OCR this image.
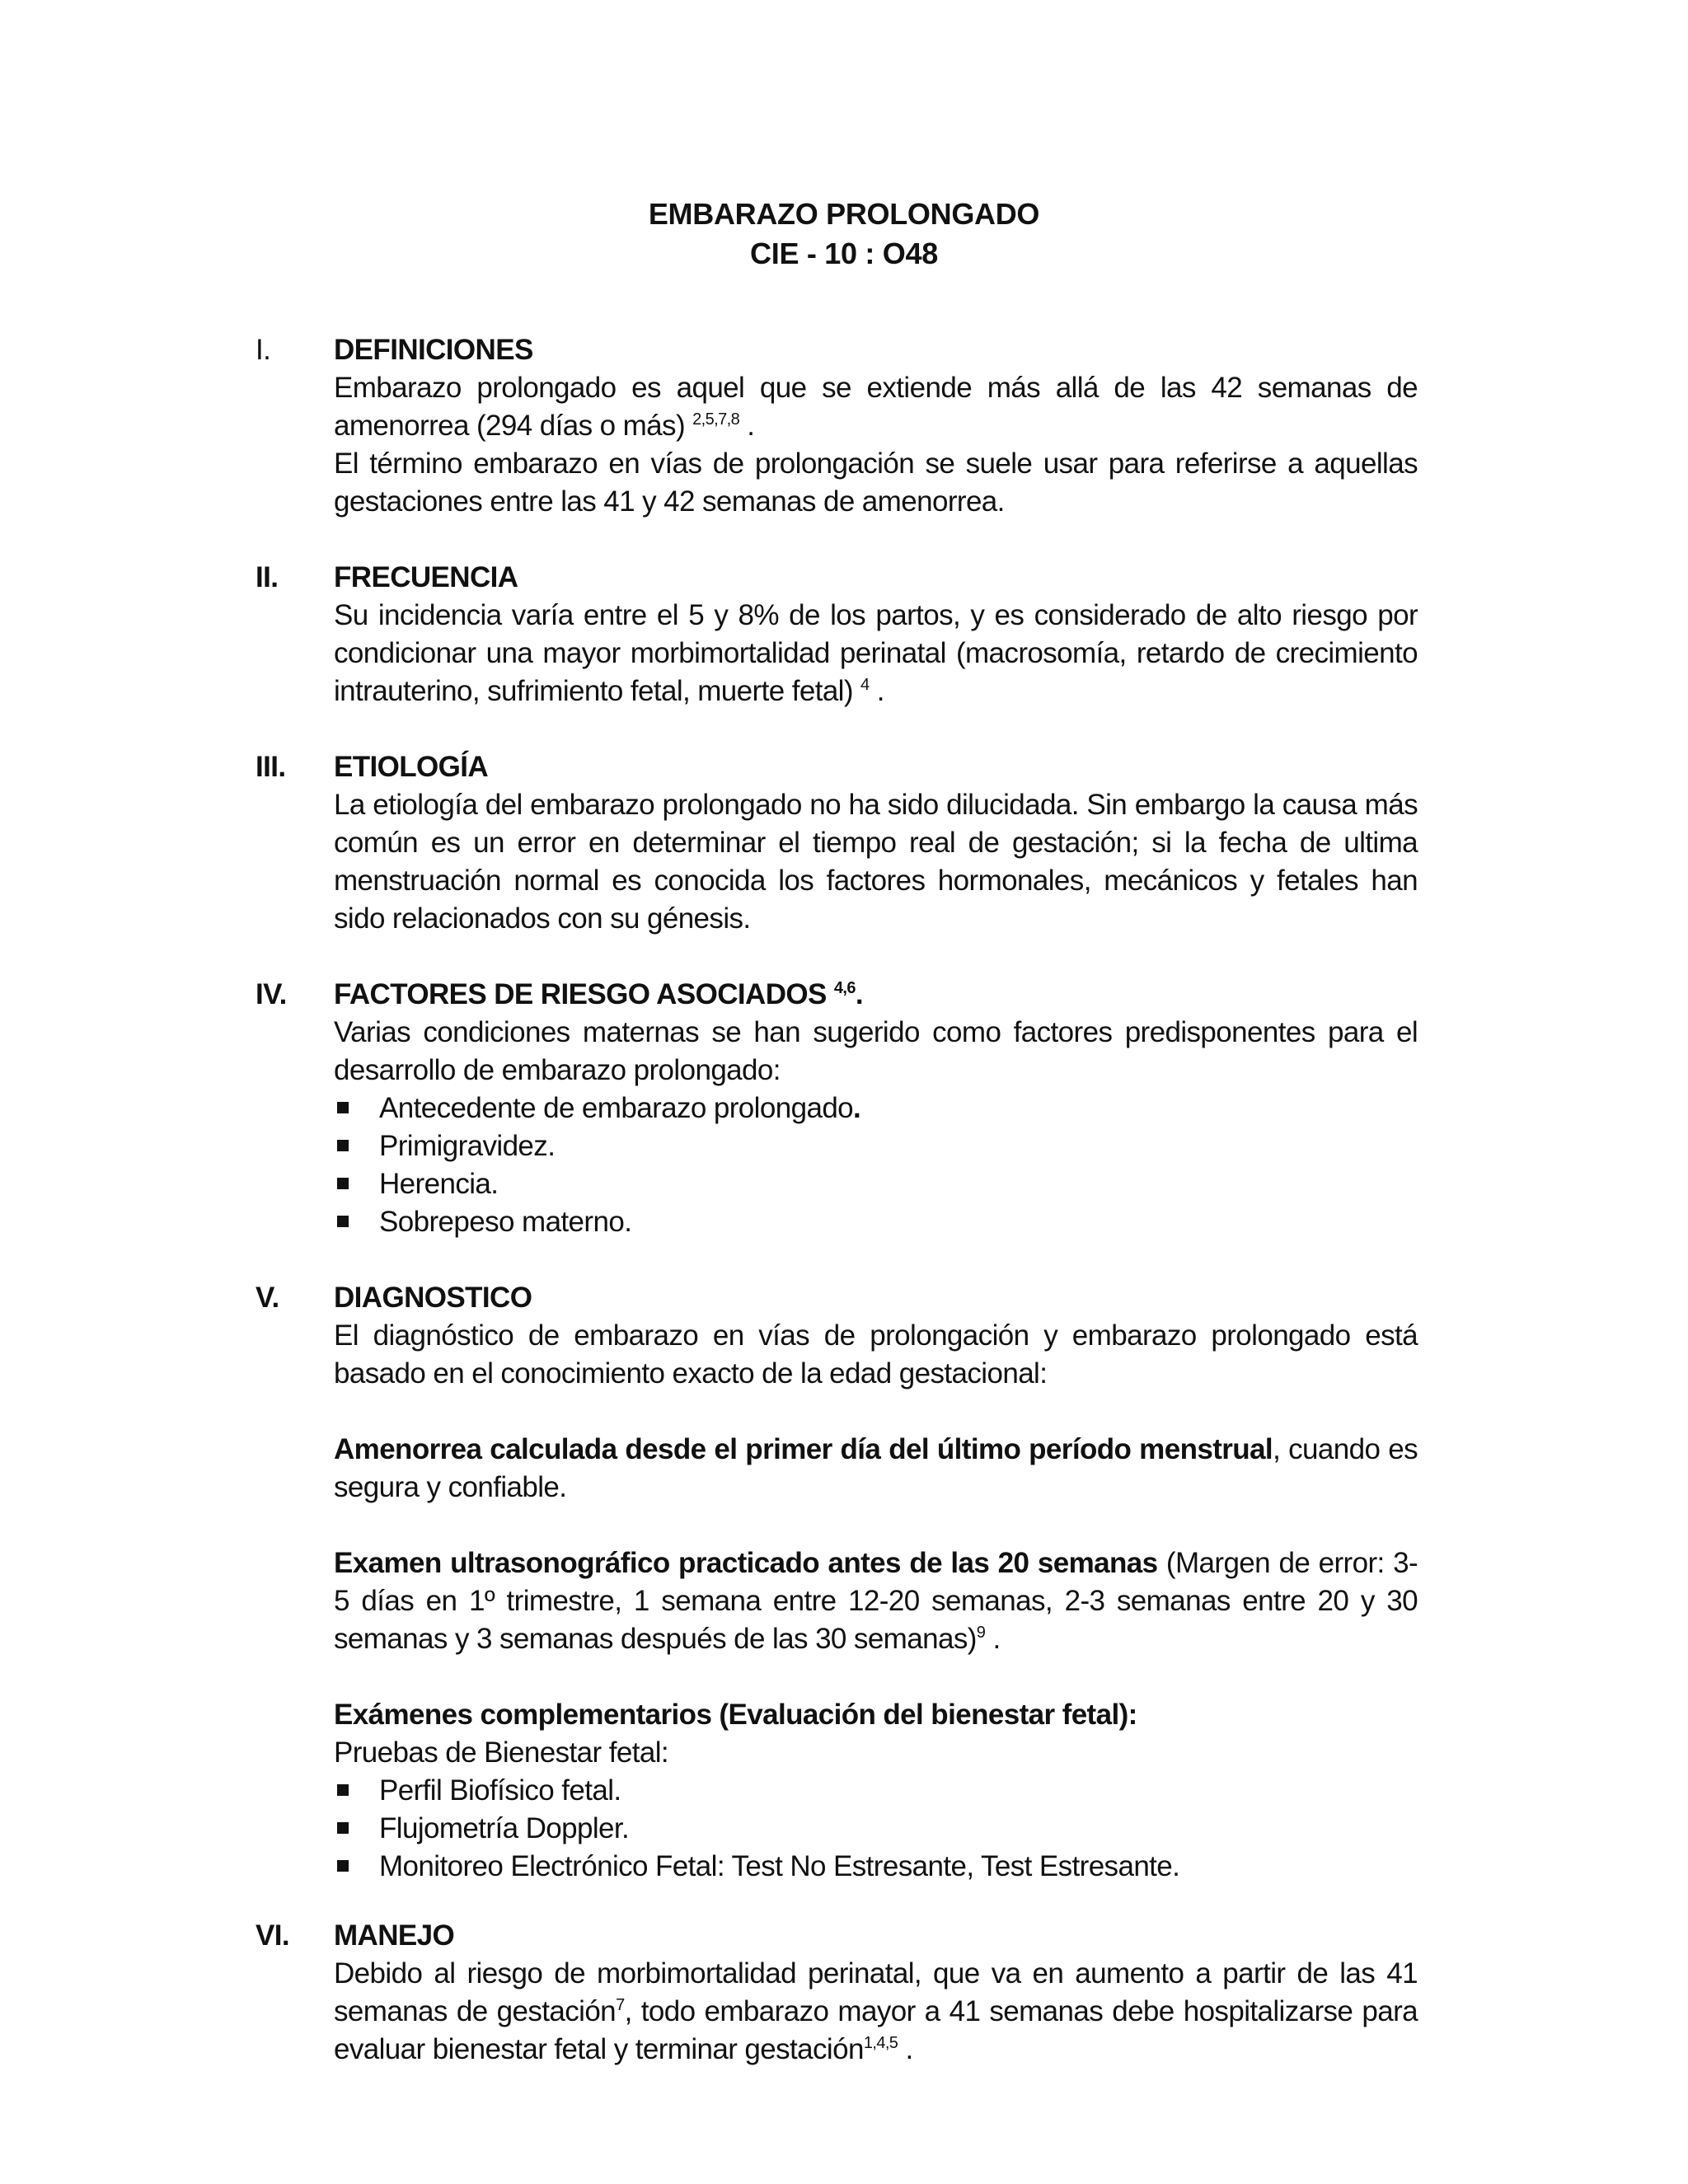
EMBARAZO PROLONGADO
CIE - 10 : O48
I.	DEFINICIONES

Embarazo prolongado es aquel que se extiende más allá de las 42 semanas de amenorrea (294 días o más) $^{2,5,7,8}$ .

El término embarazo en vías de prolongación se suele usar para referirse a aquellas gestaciones entre las 41 y 42 semanas de amenorrea.

II.	FRECUENCIA

Su incidencia varía entre el 5 y 8% de los partos, y es considerado de alto riesgo por condicionar una mayor morbimortalidad perinatal (macrosomía, retardo de crecimiento intrauterino, sufrimiento fetal, muerte fetal) $^4$ .

III.	ETIOLOGÍA

La etiología del embarazo prolongado no ha sido dilucidada. Sin embargo la causa más común es un error en determinar el tiempo real de gestación; si la fecha de ultima menstruación normal es conocida los factores hormonales, mecánicos y fetales han sido relacionados con su génesis.

IV.	FACTORES DE RIESGO ASOCIADOS $^{4,6}$.

Varias condiciones maternas se han sugerido como factores predisponentes para el desarrollo de embarazo prolongado:

Antecedente de embarazo prolongado.
Primigravidez.
Herencia.
Sobrepeso materno.
V.	DIAGNOSTICO

El diagnóstico de embarazo en vías de prolongación y embarazo prolongado está basado en el conocimiento exacto de la edad gestacional:

Amenorrea calculada desde el primer día del último período menstrual, cuando es segura y confiable.

Examen ultrasonográfico practicado antes de las 20 semanas (Margen de error: 3-5 días en 1º trimestre, 1 semana entre 12-20 semanas, 2-3 semanas entre 20 y 30 semanas y 3 semanas después de las 30 semanas)$^9$ .

Exámenes complementarios (Evaluación del bienestar fetal):
Pruebas de Bienestar fetal:
Perfil Biofísico fetal.
Flujometría Doppler.
Monitoreo Electrónico Fetal: Test No Estresante, Test Estresante.
VI.	MANEJO

Debido al riesgo de morbimortalidad perinatal, que va en aumento a partir de las 41 semanas de gestación$^7$, todo embarazo mayor a 41 semanas debe hospitalizarse para evaluar bienestar fetal y terminar gestación$^{1,4,5}$ .
